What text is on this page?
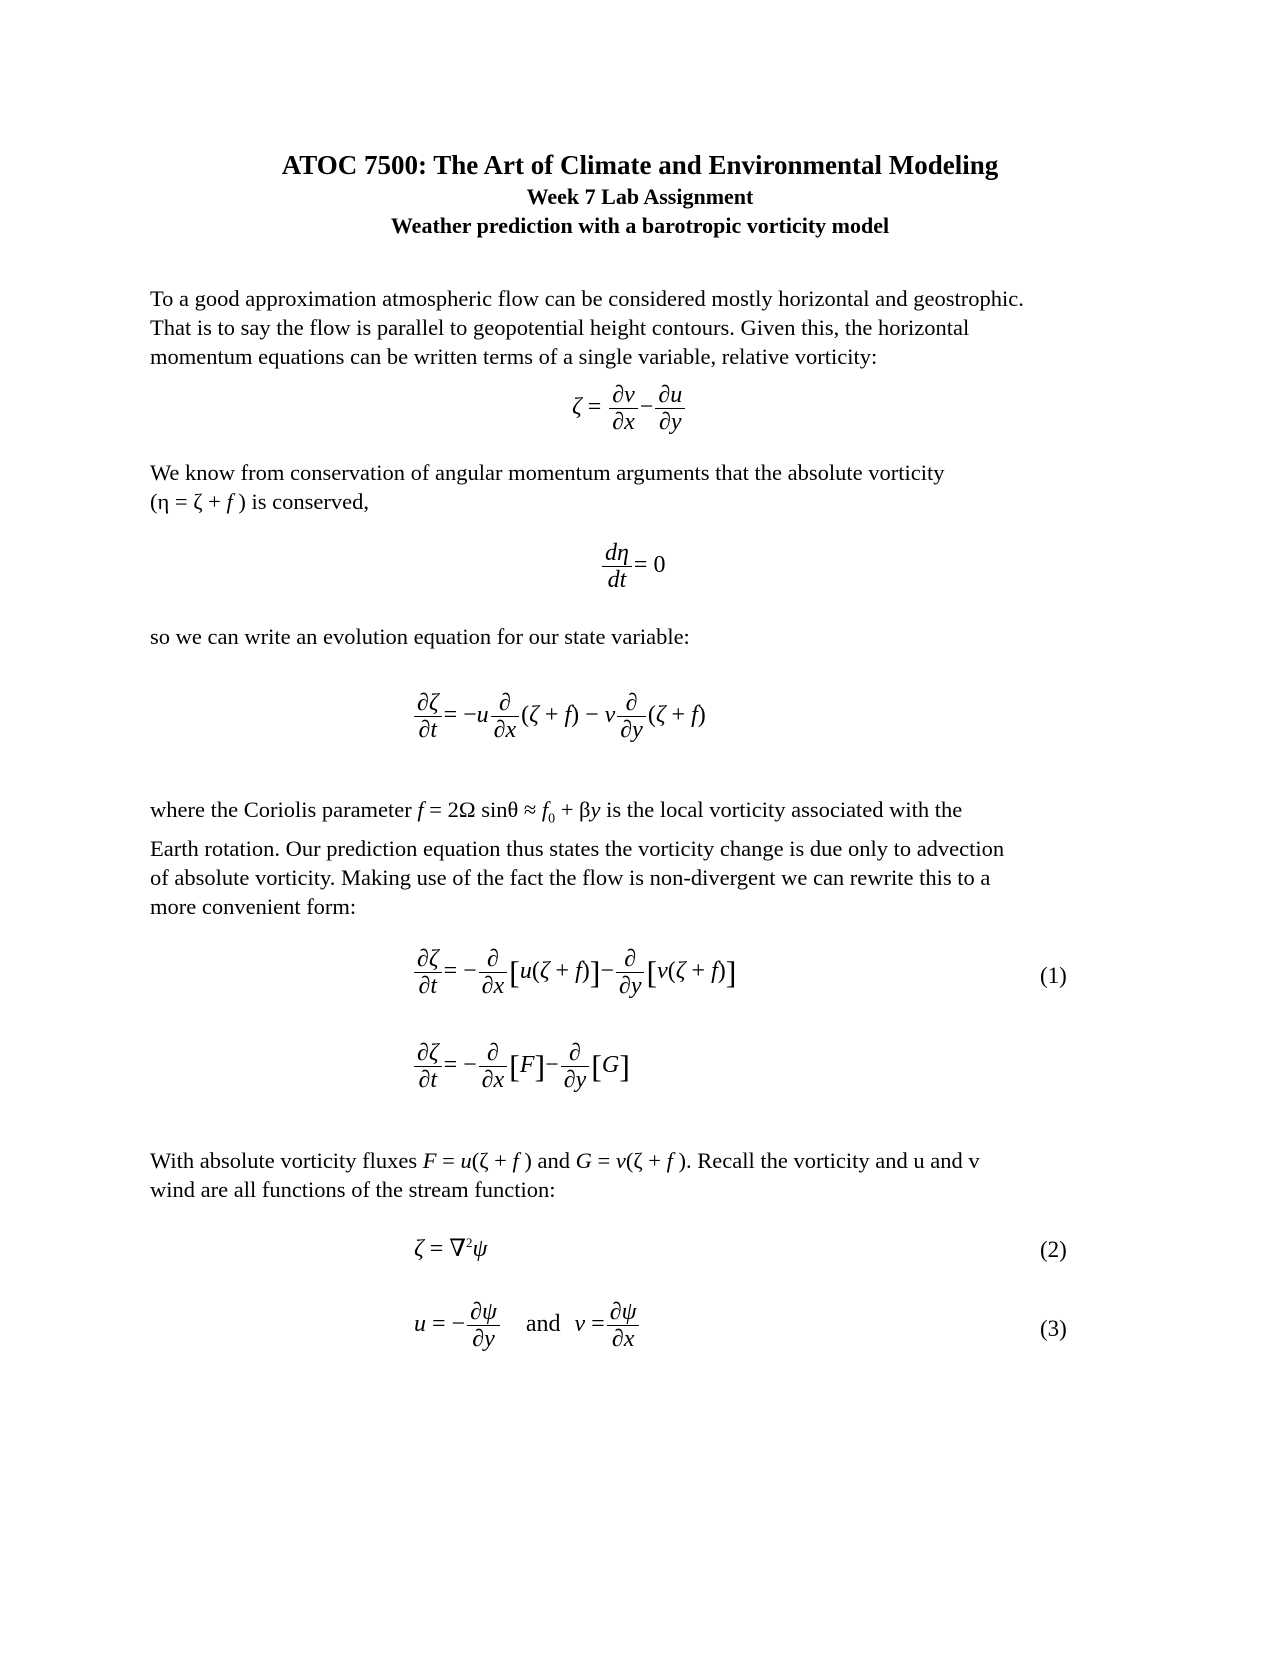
ATOC 7500: The Art of Climate and Environmental Modeling
Week 7 Lab Assignment
Weather prediction with a barotropic vorticity model

To a good approximation atmospheric flow can be considered mostly horizontal and geostrophic.

That is to say the flow is parallel to geopotential height contours. Given this, the horizontal

momentum equations can be written terms of a single variable, relative vorticity:

$\zeta = \frac{\partial v}{\partial x} - \frac{\partial u}{\partial y}$

We know from conservation of angular momentum arguments that the absolute vorticity

(η = ζ + f ) is conserved,

$\frac{d\eta}{dt} = 0$

so we can write an evolution equation for our state variable:

$\frac{\partial\zeta}{\partial t} = -u \frac{\partial}{\partial x} (\zeta + f) - v \frac{\partial}{\partial y} (\zeta + f)$

where the Coriolis parameter f = 2Ω $\sin\theta \approx f_0 + \beta y$ is the local vorticity associated with the

Earth rotation. Our prediction equation thus states the vorticity change is due only to advection

of absolute vorticity. Making use of the fact the flow is non-divergent we can rewrite this to a

more convenient form:

$\frac{\partial\zeta}{\partial t}$ = − $\frac{\partial}{\partial x} [u(\zeta + f)]- \frac{\partial}{\partial y} [v(\zeta + f)]$	(1)
$\frac{\partial\zeta}{\partial t}$ = − $\frac{\partial}{\partial x} [F]- \frac{\partial}{\partial y} [G]$

With absolute vorticity fluxes F = u(ζ + f ) and G = v(ζ + f ). Recall the vorticity and u and v

wind are all functions of the stream function:

ζ = ∇$^2$ψ	(2)
u = − $\frac{\partial\psi}{\partial y}$ and $v = \frac{\partial\psi}{\partial x}$	(3)
